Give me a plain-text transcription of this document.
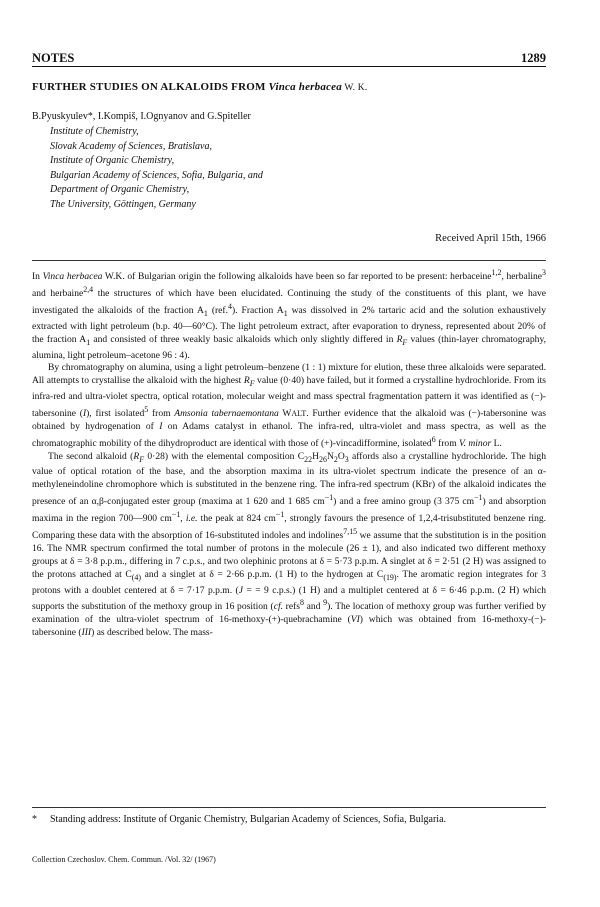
NOTES	1289
FURTHER STUDIES ON ALKALOIDS FROM Vinca herbacea W. K.
B.Pyuskyulev*, I.Kompiš, I.Ognyanov and G.Spiteller
Institute of Chemistry,
Slovak Academy of Sciences, Bratislava,
Institute of Organic Chemistry,
Bulgarian Academy of Sciences, Sofia, Bulgaria, and
Department of Organic Chemistry,
The University, Göttingen, Germany
Received April 15th, 1966

In Vinca herbacea W.K. of Bulgarian origin the following alkaloids have been so far reported to be present: herbaceine$^{1,2}$, herbaline$^3$ and herbaine$^{2,4}$ the structures of which have been elucidated. Continuing the study of the constituents of this plant, we have investigated the alkaloids of the fraction $A_1$ (ref.$^4$). Fraction $A_1$ was dissolved in 2% tartaric acid and the solution exhaustively extracted with light petroleum (b.p. 40—60°C). The light petroleum extract, after evaporation to dryness, represented about 20% of the fraction $A_1$ and consisted of three weakly basic alkaloids which only slightly differed in $R_F$ values (thin-layer chromatography, alumina, light petroleum–acetone 96 : 4).

By chromatography on alumina, using a light petroleum–benzene (1 : 1) mixture for elution, these three alkaloids were separated. All attempts to crystallise the alkaloid with the highest $R_F$ value (0·40) have failed, but it formed a crystalline hydrochloride. From its infra-red and ultra-violet spectra, optical rotation, molecular weight and mass spectral fragmentation pattern it was identified as (−)-tabersonine (I), first isolated$^5$ from Amsonia tabernaemontana WALT. Further evidence that the alkaloid was (−)-tabersonine was obtained by hydrogenation of I on Adams catalyst in ethanol. The infra-red, ultra-violet and mass spectra, as well as the chromatographic mobility of the dihydroproduct are identical with those of (+)-vincadifformine, isolated$^6$ from V. minor L.

The second alkaloid ($R_F$ 0·28) with the elemental composition $C_{22}H_{26}N_2O_3$ affords also a crystalline hydrochloride. The high value of optical rotation of the base, and the absorption maxima in its ultra-violet spectrum indicate the presence of an α-methyleneindoline chromophore which is substituted in the benzene ring. The infra-red spectrum (KBr) of the alkaloid indicates the presence of an α,β-conjugated ester group (maxima at 1 620 and 1 685 $cm^{-1}$) and a free amino group (3 375 $cm^{-1}$) and absorption maxima in the region 700—900 $cm^{-1}$, i.e. the peak at 824 $cm^{-1}$, strongly favours the presence of 1,2,4-trisubstituted benzene ring. Comparing these data with the absorption of 16-substituted indoles and indolines$^{7,15}$ we assume that the substitution is in the position 16. The NMR spectrum confirmed the total number of protons in the molecule (26 ± 1), and also indicated two different methoxy groups at δ = 3·8 p.p.m., differing in 7 c.p.s., and two olephinic protons at δ = 5·73 p.p.m. A singlet at δ = 2·51 (2 H) was assigned to the protons attached at $C_{(4)}$ and a singlet at δ = 2·66 p.p.m. (1 H) to the hydrogen at $C_{(19)}$. The aromatic region integrates for 3 protons with a doublet centered at δ = 7·17 p.p.m. (J = = 9 c.p.s.) (1 H) and a multiplet centered at δ = 6·46 p.p.m. (2 H) which supports the substitution of the methoxy group in 16 position (cf. refs$^8$ and $^9$). The location of methoxy group was further verified by examination of the ultra-violet spectrum of 16-methoxy-(+)-quebrachamine (VI) which was obtained from 16-methoxy-(−)-tabersonine (III) as described below. The mass-

* Standing address: Institute of Organic Chemistry, Bulgarian Academy of Sciences, Sofia, Bulgaria.
Collection Czechoslov. Chem. Commun. /Vol. 32/ (1967)
